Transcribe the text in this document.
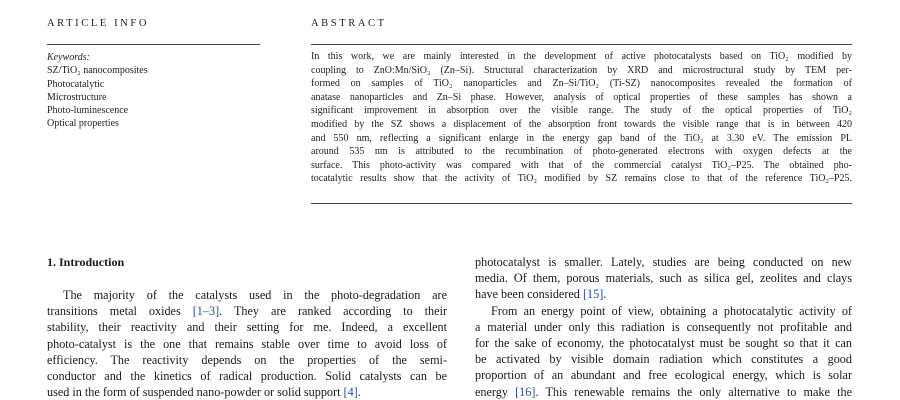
ARTICLE INFO
Keywords:
SZ/TiO₂ nanocomposites
Photocatalytic
Microstructure
Photo-luminescence
Optical properties
ABSTRACT
In this work, we are mainly interested in the development of active photocatalysts based on TiO₂ modified by
coupling to ZnO:Mn/SiO₂ (Zn–Si). Structural characterization by XRD and microstructural study by TEM per-
formed on samples of TiO₂ nanoparticles and Zn–Si/TiO₂ (Ti-SZ) nanocomposites revealed the formation of
anatase nanoparticles and Zn–Si phase. However, analysis of optical properties of these samples has shown a
significant improvement in absorption over the visible range. The study of the optical properties of TiO₂
modified by the SZ shows a displacement of the absorption front towards the visible range that is in between 420
and 550 nm, reflecting a significant enlarge in the energy gap band of the TiO₂ at 3.30 eV. The emission PL
around 535 nm is attributed to the recombination of photo-generated electrons with oxygen defects at the
surface. This photo-activity was compared with that of the commercial catalyst TiO₂–P25. The obtained pho-
tocatalytic results show that the activity of TiO₂ modified by SZ remains close to that of the reference TiO₂–P25.
1. Introduction
The majority of the catalysts used in the photo-degradation are
transitions metal oxides [1–3]. They are ranked according to their
stability, their reactivity and their setting for me. Indeed, a excellent
photo-catalyst is the one that remains stable over time to avoid loss of
efficiency. The reactivity depends on the properties of the semi-
conductor and the kinetics of radical production. Solid catalysts can be
used in the form of suspended nano-powder or solid support [4].
photocatalyst is smaller. Lately, studies are being conducted on new
media. Of them, porous materials, such as silica gel, zeolites and clays
have been considered [15].
From an energy point of view, obtaining a photocatalytic activity of
a material under only this radiation is consequently not profitable and
for the sake of economy, the photocatalyst must be sought so that it can
be activated by visible domain radiation which constitutes a good
proportion of an abundant and free ecological energy, which is solar
energy [16]. This renewable remains the only alternative to make the
